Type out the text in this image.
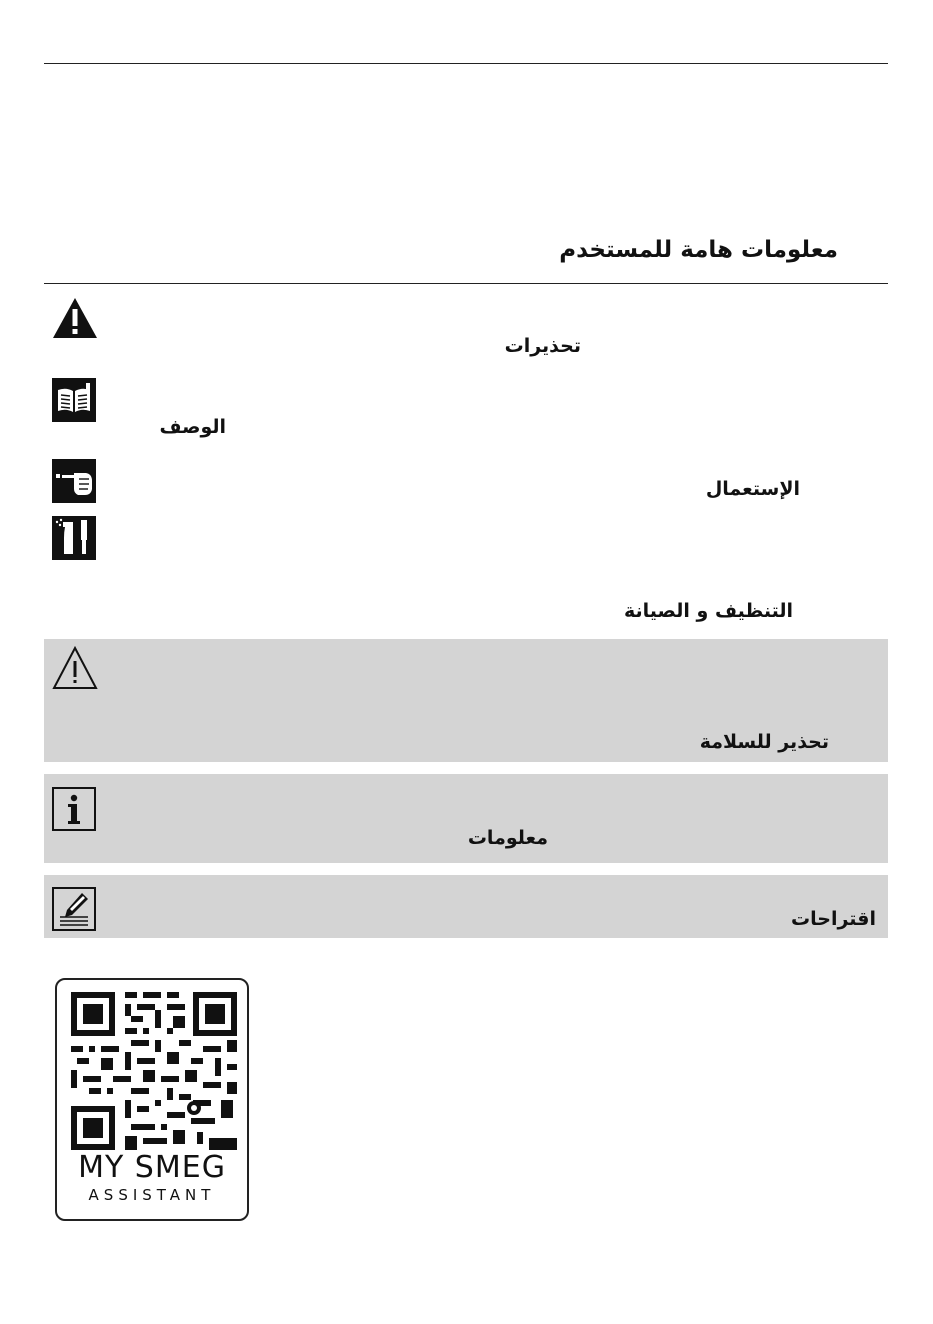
معلومات هامة للمستخدم
تحذيرات
الوصف
الإستعمال
التنظيف و الصيانة
تحذير للسلامة
معلومات
اقتراحات
MY SMEG
ASSISTANT
